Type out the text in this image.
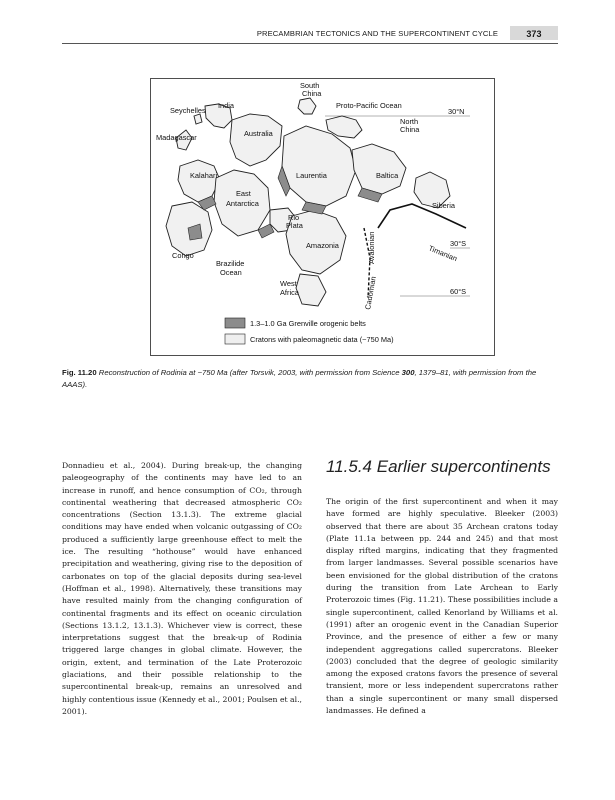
PRECAMBRIAN TECTONICS AND THE SUPERCONTINENT CYCLE	373
South
China
Seychelles
India	Proto-Pacific Ocean
30°N
North
China
Madagascar	Australia
Kalahari	Laurentia	Baltica
Siberia
East
Antarctica
Rio
Plata
Avalonian	30°S
Timanian
Congo
Brazilide
Ocean
Amazonia
West
Africa	Cadomian	60°S
1.3–1.0 Ga Grenville orogenic belts
Cratons with paleomagnetic data (~750 Ma)
Fig. 11.20 Reconstruction of Rodinia at ~750 Ma (after Torsvik, 2003, with permission from Science 300, 1379–81, with permission from the AAAS).

Donnadieu et al., 2004). During break-up, the changing paleogeography of the continents may have led to an increase in runoff, and hence consumption of CO₂, through continental weathering that decreased atmospheric CO₂ concentrations (Section 13.1.3). The extreme glacial conditions may have ended when volcanic outgassing of CO₂ produced a sufficiently large greenhouse effect to melt the ice. The resulting “hothouse” would have enhanced precipitation and weathering, giving rise to the deposition of carbonates on top of the glacial deposits during sea-level (Hoffman et al., 1998). Alternatively, these transitions may have resulted mainly from the changing configuration of continental fragments and its effect on oceanic circulation (Sections 13.1.2, 13.1.3). Whichever view is correct, these interpretations suggest that the break-up of Rodinia triggered large changes in global climate. However, the origin, extent, and termination of the Late Proterozoic glaciations, and their possible relationship to the supercontinental break-up, remains an unresolved and highly contentious issue (Kennedy et al., 2001; Poulsen et al., 2001).

11.5.4 Earlier supercontinents

The origin of the first supercontinent and when it may have formed are highly speculative. Bleeker (2003) observed that there are about 35 Archean cratons today (Plate 11.1a between pp. 244 and 245) and that most display rifted margins, indicating that they fragmented from larger landmasses. Several possible scenarios have been envisioned for the global distribution of the cratons during the transition from Late Archean to Early Proterozoic times (Fig. 11.21). These possibilities include a single supercontinent, called Kenorland by Williams et al. (1991) after an orogenic event in the Canadian Superior Province, and the presence of either a few or many independent aggregations called supercratons. Bleeker (2003) concluded that the degree of geologic similarity among the exposed cratons favors the presence of several transient, more or less independent supercratons rather than a single supercontinent or many small dispersed landmasses. He defined a
